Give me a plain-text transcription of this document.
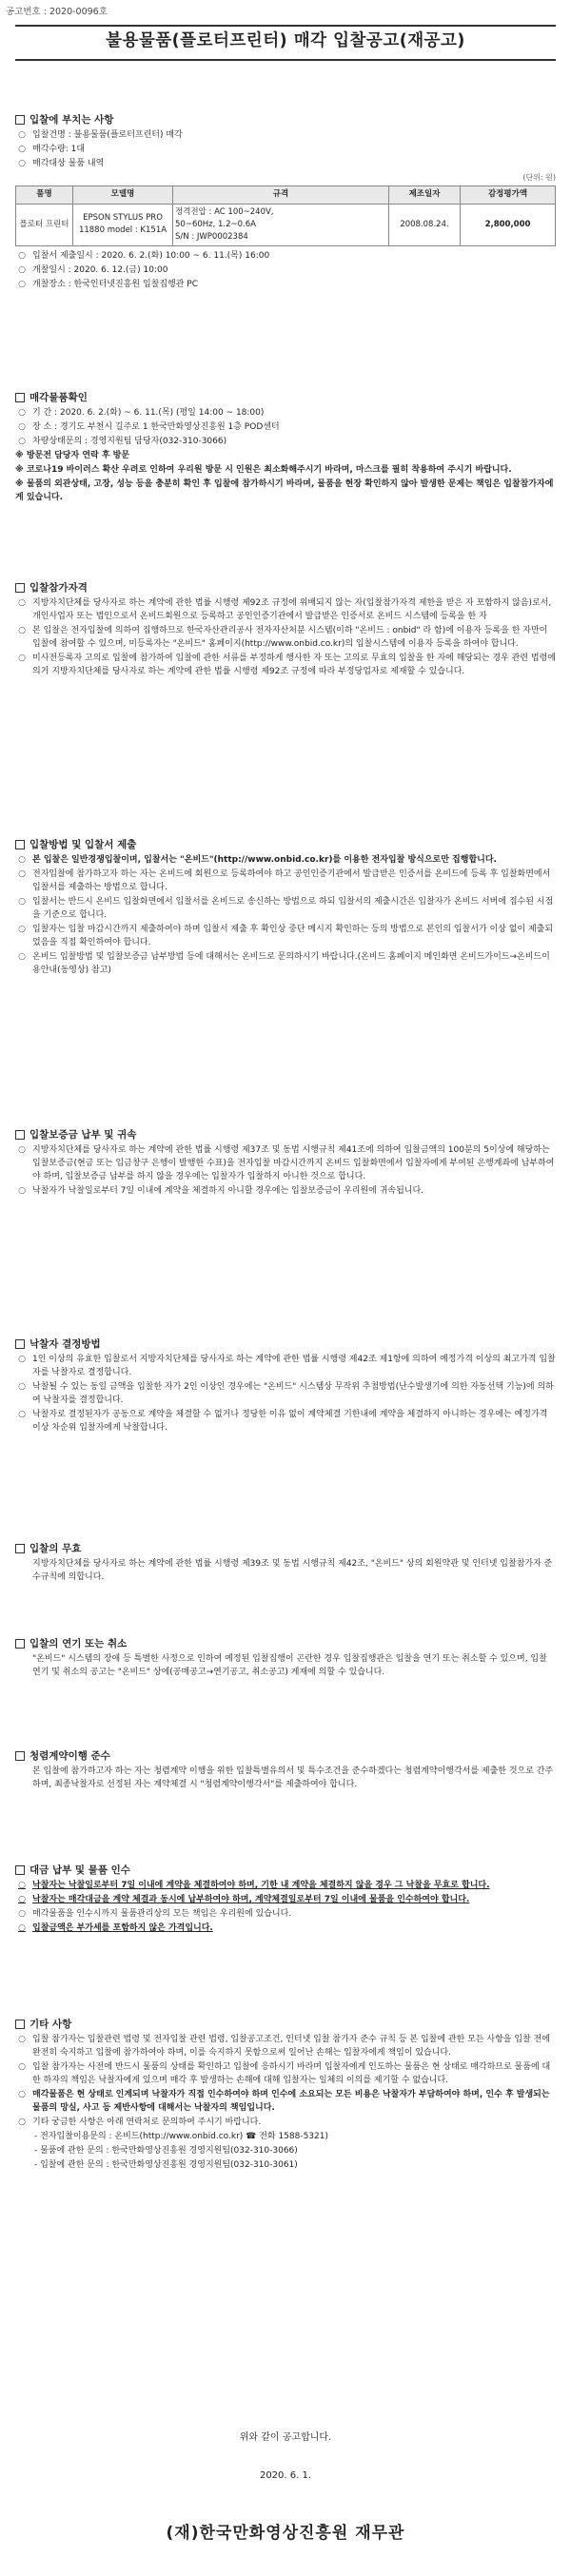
공고번호 : 2020-0096호
불용물품(플로터프린터) 매각 입찰공고(재공고)
입찰에 부치는 사항
○ 입찰건명 : 불용물품(플로터프린터) 매각
○ 매각수량: 1대
○ 매각대상 물품 내역
(단위: 원)
품명	모델명	규격	제조일자	감정평가액
플로터 프린터	EPSON STYLUS PRO 11880 model : K151A	정격전압 : AC 100~240V,
50~60Hz, 1.2~0.6A
S/N : JWP0002384	2008.08.24.	2,800,000
○ 입찰서 제출일시 : 2020. 6. 2.(화) 10:00 ~ 6. 11.(목) 16:00
○ 개찰일시 : 2020. 6. 12.(금) 10:00
○ 개찰장소 : 한국인터넷진흥원 입찰집행관 PC
매각물품확인
○ 기 간 : 2020. 6. 2.(화) ~ 6. 11.(목) (평일 14:00 ~ 18:00)
○ 장 소 : 경기도 부천시 길주로 1 한국만화영상진흥원 1층 POD센터
○ 차량상태문의 : 경영지원팀 담당자(032-310-3066)
※ 방문전 담당자 연락 후 방문
※ 코로나19 바이러스 확산 우려로 인하여 우리원 방문 시 인원은 최소화해주시기 바라며, 마스크를 필히 착용하여 주시기 바랍니다.
※ 물품의 외관상태, 고장, 성능 등을 충분히 확인 후 입찰에 참가하시기 바라며, 물품을 현장 확인하지 않아 발생한 문제는 책임은 입찰참가자에게 있습니다.
입찰참가자격
○ 지방자치단체를 당사자로 하는 계약에 관한 법률 시행령 제92조 규정에 위배되지 않는 자(입찰참가자격 제한을 받은 자 포함하지 않음)로서, 개인사업자 또는 법인으로서 온비드회원으로 등록하고 공인인증기관에서 발급받은 인증서로 온비드 시스템에 등록을 한 자
○ 본 입찰은 전자입찰에 의하여 집행하므로 한국자산관리공사 전자자산처분 시스템(이하 "온비드 : onbid" 라 함)에 이용자 등록을 한 자만이 입찰에 참여할 수 있으며, 미등록자는 "온비드" 홈페이지(http://www.onbid.co.kr)의 입찰시스템에 이용자 등록을 하여야 합니다.
○ 미사전등록자 고의로 입찰에 참가하여 입찰에 관한 서류를 부정하게 행사한 자 또는 고의로 무효의 입찰을 한 자에 해당되는 경우 관련 법령에 의거 지방자치단체를 당사자로 하는 계약에 관한 법률 시행령 제92조 규정에 따라 부정당업자로 제재할 수 있습니다.
입찰방법 및 입찰서 제출
○ 본 입찰은 일반경쟁입찰이며, 입찰서는 "온비드"(http://www.onbid.co.kr)를 이용한 전자입찰 방식으로만 집행합니다.
○ 전자입찰에 참가하고자 하는 자는 온비드에 회원으로 등록하여야 하고 공인인증기관에서 발급받은 인증서를 온비드에 등록 후 입찰화면에서 입찰서를 제출하는 방법으로 합니다.
○ 입찰서는 반드시 온비드 입찰화면에서 입찰서를 온비드로 송신하는 방법으로 하되 입찰서의 제출시간은 입찰자가 온비드 서버에 접수된 시점을 기준으로 합니다.
○ 입찰자는 입찰 마감시간까지 제출하여야 하며 입찰서 제출 후 확인상 중단 메시지 확인하는 등의 방법으로 본인의 입찰서가 이상 없이 제출되었음을 직접 확인하여야 합니다.
○ 온비드 입찰방법 및 입찰보증금 납부방법 등에 대해서는 온비드로 문의하시기 바랍니다.(온비드 홈페이지 메인화면 온비드가이드→온비드이용안내(동영상) 참고)
입찰보증금 납부 및 귀속
○ 지방자치단체를 당사자로 하는 계약에 관한 법률 시행령 제37조 및 동법 시행규칙 제41조에 의하여 입찰금액의 100분의 5이상에 해당하는 입찰보증금(현금 또는 입금창구 은행이 발행한 수표)을 전자입찰 마감시간까지 온비드 입찰화면에서 입찰자에게 부여된 은행계좌에 납부하여야 하며, 입찰보증금 납부를 하지 않을 경우에는 입찰자가 입찰하지 아니한 것으로 합니다.
○ 낙찰자가 낙찰일로부터 7일 이내에 계약을 체결하지 아니할 경우에는 입찰보증금이 우리원에 귀속됩니다.
낙찰자 결정방법
○ 1인 이상의 유효한 입찰로서 지방자치단체를 당사자로 하는 계약에 관한 법률 시행령 제42조 제1항에 의하여 예정가격 이상의 최고가격 입찰자를 낙찰자로 결정합니다.
○ 낙찰될 수 있는 동일 금액을 입찰한 자가 2인 이상인 경우에는 "온비드" 시스템상 무작위 추첨방법(난수발생기에 의한 자동선택 기능)에 의하여 낙찰자를 결정합니다.
○ 낙찰자로 결정된자가 공동으로 계약을 체결할 수 없거나 정당한 이유 없이 계약체결 기한내에 계약을 체결하지 아니하는 경우에는 예정가격 이상 차순위 입찰자에게 낙찰합니다.
입찰의 무효
지방자치단체를 당사자로 하는 계약에 관한 법률 시행령 제39조 및 동법 시행규칙 제42조, "온비드" 상의 회원약관 및 인터넷 입찰참가자 준수규칙에 의합니다.
입찰의 연기 또는 취소
"온비드" 시스템의 장애 등 특별한 사정으로 인하여 예정된 입찰집행이 곤란한 경우 입찰집행관은 입찰을 연기 또는 취소할 수 있으며, 입찰 연기 및 취소의 공고는 "온비드" 상에(공매공고→연기공고, 취소공고) 게재에 의할 수 있습니다.
청렴계약이행 준수
본 입찰에 참가하고자 하는 자는 청렴계약 이행을 위한 입찰특별유의서 및 특수조건을 준수하겠다는 청렴계약이행각서를 제출한 것으로 간주하며, 최종낙찰자로 선정된 자는 계약체결 시 "청렴계약이행각서"를 제출하여야 합니다.
대금 납부 및 물품 인수
○ 낙찰자는 낙찰일로부터 7일 이내에 계약을 체결하여야 하며, 기한 내 계약을 체결하지 않을 경우 그 낙찰을 무효로 합니다.
○ 낙찰자는 매각대금을 계약 체결과 동시에 납부하여야 하며, 계약체결일로부터 7일 이내에 물품을 인수하여야 합니다.
○ 매각물품을 인수시까지 물품관리상의 모든 책임은 우리원에 있습니다.
○ 입찰금액은 부가세를 포함하지 않은 가격입니다.
기타 사항
○ 입찰 참가자는 입찰관련 법령 및 전자입찰 관련 법령, 입찰공고조건, 인터넷 입찰 참가자 준수 규칙 등 본 입찰에 관한 모든 사항을 입찰 전에 완전히 숙지하고 입찰에 참가하여야 하며, 이를 숙지하지 못함으로써 일어난 손해는 입찰자에게 책임이 있습니다.
○ 입찰 참가자는 사전에 반드시 물품의 상태를 확인하고 입찰에 응하시기 바라며 입찰자에게 인도하는 물품은 현 상태로 매각하므로 물품에 대한 하자의 책임은 낙찰자에게 있으며 매각 후 발생하는 손해에 대해 입찰자는 일체의 이의를 제기할 수 없습니다.
○ 매각물품은 현 상태로 인계되며 낙찰자가 직접 인수하여야 하며 인수에 소요되는 모든 비용은 낙찰자가 부담하여야 하며, 인수 후 발생되는 물품의 망실, 사고 등 제반사항에 대해서는 낙찰자의 책임입니다.
○ 기타 궁금한 사항은 아래 연락처로 문의하여 주시기 바랍니다.
- 전자입찰이용문의 : 온비드(http://www.onbid.co.kr) ☎ 전화 1588-5321)
- 물품에 관한 문의 : 한국만화영상진흥원 경영지원팀(032-310-3066)
- 입찰에 관한 문의 : 한국만화영상진흥원 경영지원팀(032-310-3061)
위와 같이 공고합니다.
2020. 6. 1.
(재)한국만화영상진흥원 재무관
